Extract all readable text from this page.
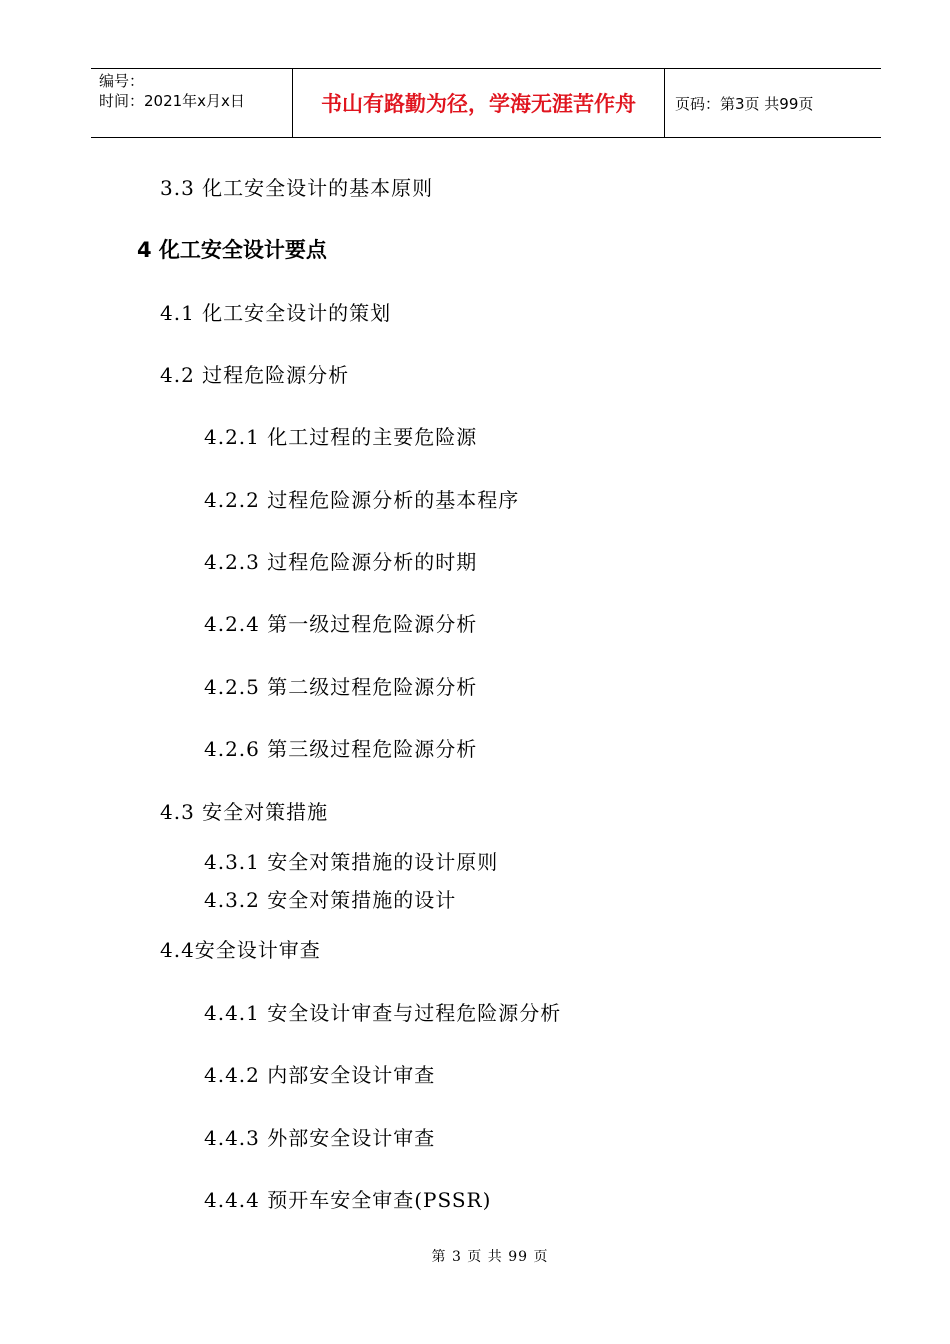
编号：
时间：2021年x月x日	书山有路勤为径，学海无涯苦作舟	页码：第3页 共99页
3.3 化工安全设计的基本原则
4 化工安全设计要点
4.1 化工安全设计的策划
4.2 过程危险源分析
4.2.1 化工过程的主要危险源
4.2.2 过程危险源分析的基本程序
4.2.3 过程危险源分析的时期
4.2.4 第一级过程危险源分析
4.2.5 第二级过程危险源分析
4.2.6 第三级过程危险源分析
4.3 安全对策措施
4.3.1 安全对策措施的设计原则
4.3.2 安全对策措施的设计
4.4安全设计审查
4.4.1 安全设计审查与过程危险源分析
4.4.2 内部安全设计审查
4.4.3 外部安全设计审查
4.4.4 预开车安全审查(PSSR)
第 3 页 共 99 页
